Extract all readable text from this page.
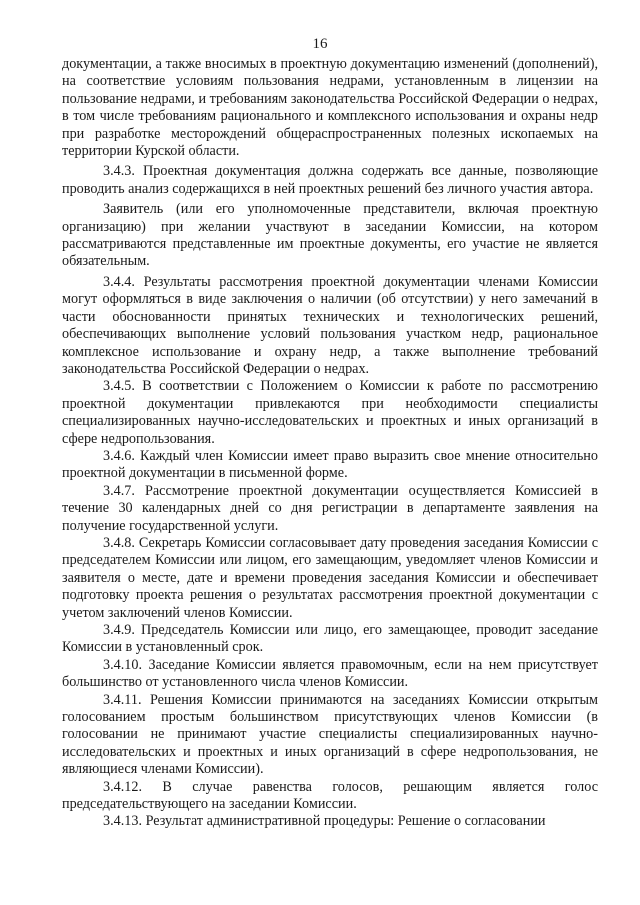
16

документации, а также вносимых в проектную документацию изменений (дополнений), на соответствие условиям пользования недрами, установленным в лицензии на пользование недрами, и требованиям законодательства Российской Федерации о недрах, в том числе требованиям рационального и комплексного использования и охраны недр при разработке месторождений общераспространенных полезных ископаемых на территории Курской области.

3.4.3. Проектная документация должна содержать все данные, позволяющие проводить анализ содержащихся в ней проектных решений без личного участия автора.

Заявитель (или его уполномоченные представители, включая проектную организацию) при желании участвуют в заседании Комиссии, на котором рассматриваются представленные им проектные документы, его участие не является обязательным.

3.4.4. Результаты рассмотрения проектной документации членами Комиссии могут оформляться в виде заключения о наличии (об отсутствии) у него замечаний в части обоснованности принятых технических и технологических решений, обеспечивающих выполнение условий пользования участком недр, рациональное комплексное использование и охрану недр, а также выполнение требований законодательства Российской Федерации о недрах.

3.4.5. В соответствии с Положением о Комиссии к работе по рассмотрению проектной документации привлекаются при необходимости специалисты специализированных научно-исследовательских и проектных и иных организаций в сфере недропользования.

3.4.6. Каждый член Комиссии имеет право выразить свое мнение относительно проектной документации в письменной форме.

3.4.7. Рассмотрение проектной документации осуществляется Комиссией в течение 30 календарных дней со дня регистрации в департаменте заявления на получение государственной услуги.

3.4.8. Секретарь Комиссии согласовывает дату проведения заседания Комиссии с председателем Комиссии или лицом, его замещающим, уведомляет членов Комиссии и заявителя о месте, дате и времени проведения заседания Комиссии и обеспечивает подготовку проекта решения о результатах рассмотрения проектной документации с учетом заключений членов Комиссии.

3.4.9. Председатель Комиссии или лицо, его замещающее, проводит заседание Комиссии в установленный срок.

3.4.10. Заседание Комиссии является правомочным, если на нем присутствует большинство от установленного числа членов Комиссии.

3.4.11. Решения Комиссии принимаются на заседаниях Комиссии открытым голосованием простым большинством присутствующих членов Комиссии (в голосовании не принимают участие специалисты специализированных научно-исследовательских и проектных и иных организаций в сфере недропользования, не являющиеся членами Комиссии).

3.4.12. В случае равенства голосов, решающим является голос председательствующего на заседании Комиссии.

3.4.13. Результат административной процедуры: Решение о согласовании
